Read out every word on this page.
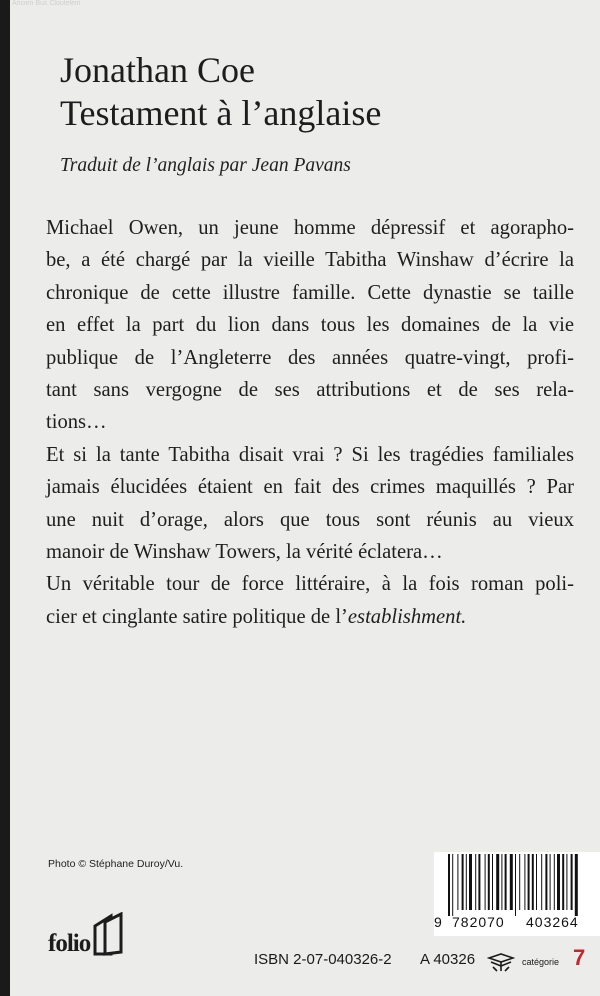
Ancien Bus Cloutelein
Jonathan Coe
Testament à l’anglaise
Traduit de l’anglais par Jean Pavans
Michael Owen, un jeune homme dépressif et agorapho-
be, a été chargé par la vieille Tabitha Winshaw d’écrire la
chronique de cette illustre famille. Cette dynastie se taille
en effet la part du lion dans tous les domaines de la vie
publique de l’Angleterre des années quatre-vingt, profi-
tant sans vergogne de ses attributions et de ses rela-
tions…
Et si la tante Tabitha disait vrai ? Si les tragédies familiales
jamais élucidées étaient en fait des crimes maquillés ? Par
une nuit d’orage, alors que tous sont réunis au vieux
manoir de Winshaw Towers, la vérité éclatera…
Un véritable tour de force littéraire, à la fois roman poli-
cier et cinglante satire politique de l’establishment.
Photo © Stéphane Duroy/Vu.
folio
9 782070 403264
ISBN 2-07-040326-2 A 40326	catégorie 7
